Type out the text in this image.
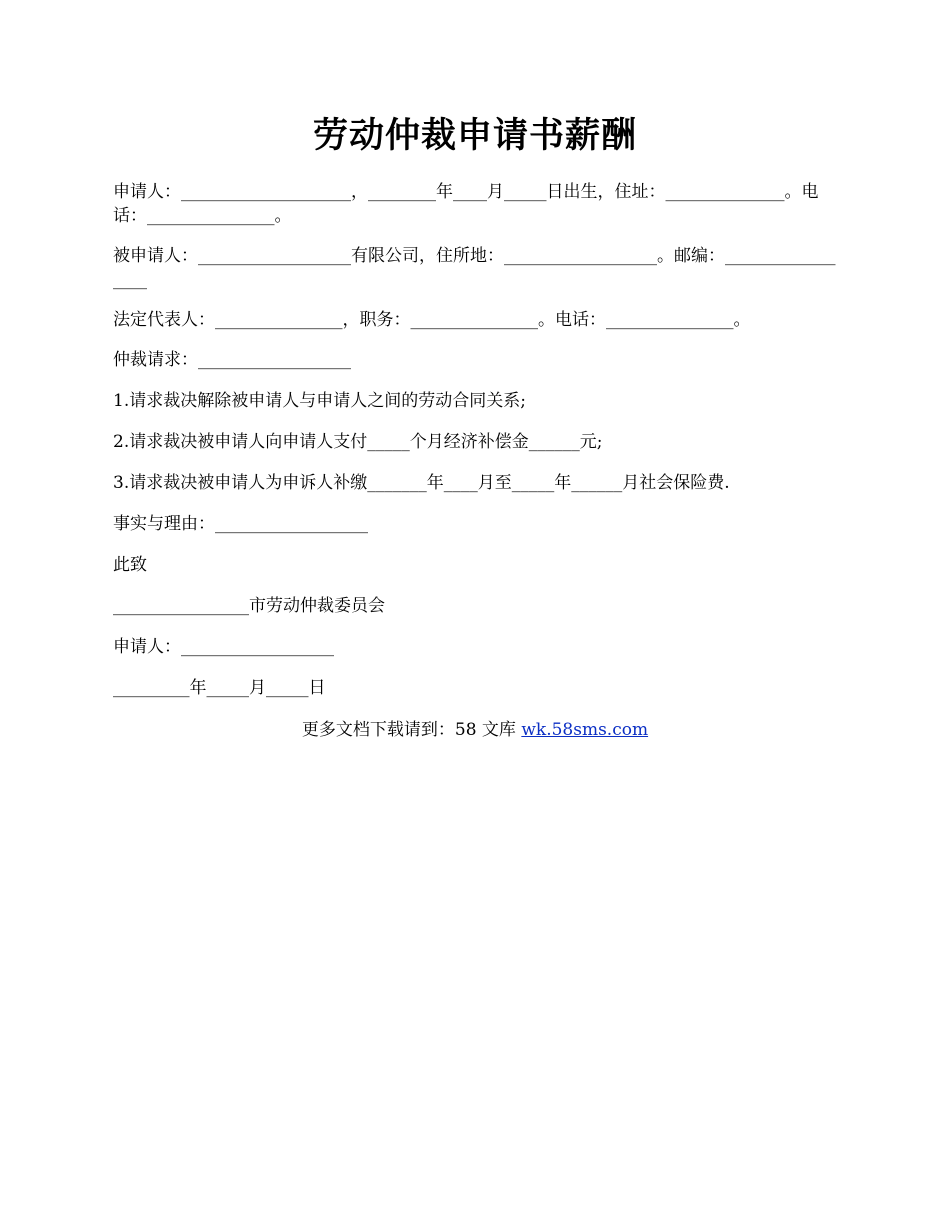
劳动仲裁申请书薪酬

申请人：____________________，________年____月_____日出生，住址：______________。电话：_______________。

被申请人：__________________有限公司，住所地：__________________。邮编：_________________

法定代表人：_______________，职务：_______________。电话：_______________。

仲裁请求：__________________

1.请求裁决解除被申请人与申请人之间的劳动合同关系;

2.请求裁决被申请人向申请人支付_____个月经济补偿金______元;

3.请求裁决被申请人为申诉人补缴_______年____月至_____年______月社会保险费.

事实与理由：__________________

此致

________________市劳动仲裁委员会

申请人：__________________

_________年_____月_____日

更多文档下载请到：58 文库 wk.58sms.com
